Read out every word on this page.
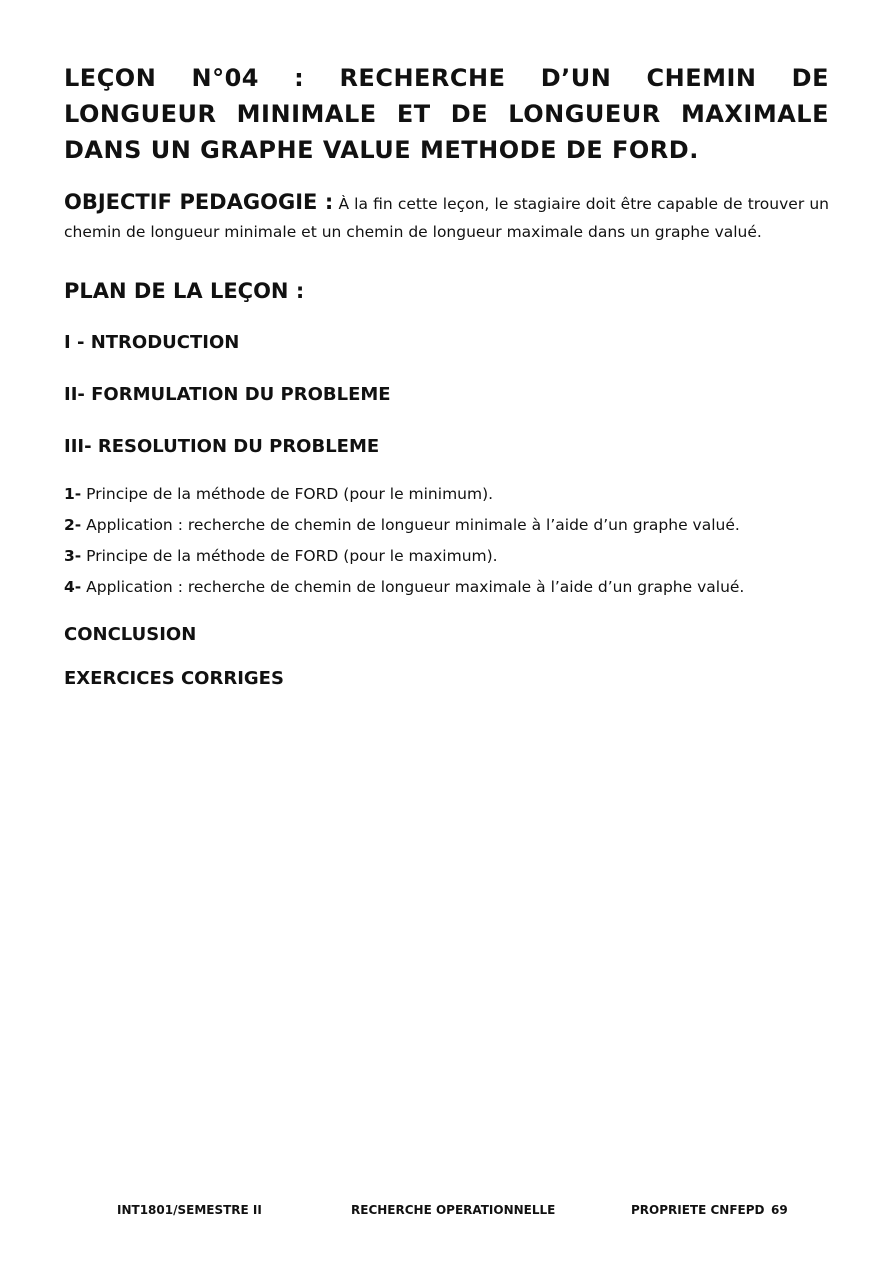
LEÇON N°04 : RECHERCHE D’UN CHEMIN DE LONGUEUR MINIMALE ET DE LONGUEUR MAXIMALE DANS UN GRAPHE VALUE METHODE DE FORD.

OBJECTIF PEDAGOGIE : À la fin cette leçon, le stagiaire doit être capable de trouver un chemin de longueur minimale et un chemin de longueur maximale dans un graphe valué.

PLAN DE LA LEÇON :
I - NTRODUCTION
II- FORMULATION DU PROBLEME
III- RESOLUTION DU PROBLEME
1- Principe de la méthode de FORD (pour le minimum).
2- Application : recherche de chemin de longueur minimale à l’aide d’un graphe valué.
3- Principe de la méthode de FORD (pour le maximum).
4- Application : recherche de chemin de longueur maximale à l’aide d’un graphe valué.
CONCLUSION
EXERCICES CORRIGES
INT1801/SEMESTRE II	RECHERCHE OPERATIONNELLE	PROPRIETE CNFEPD 69
